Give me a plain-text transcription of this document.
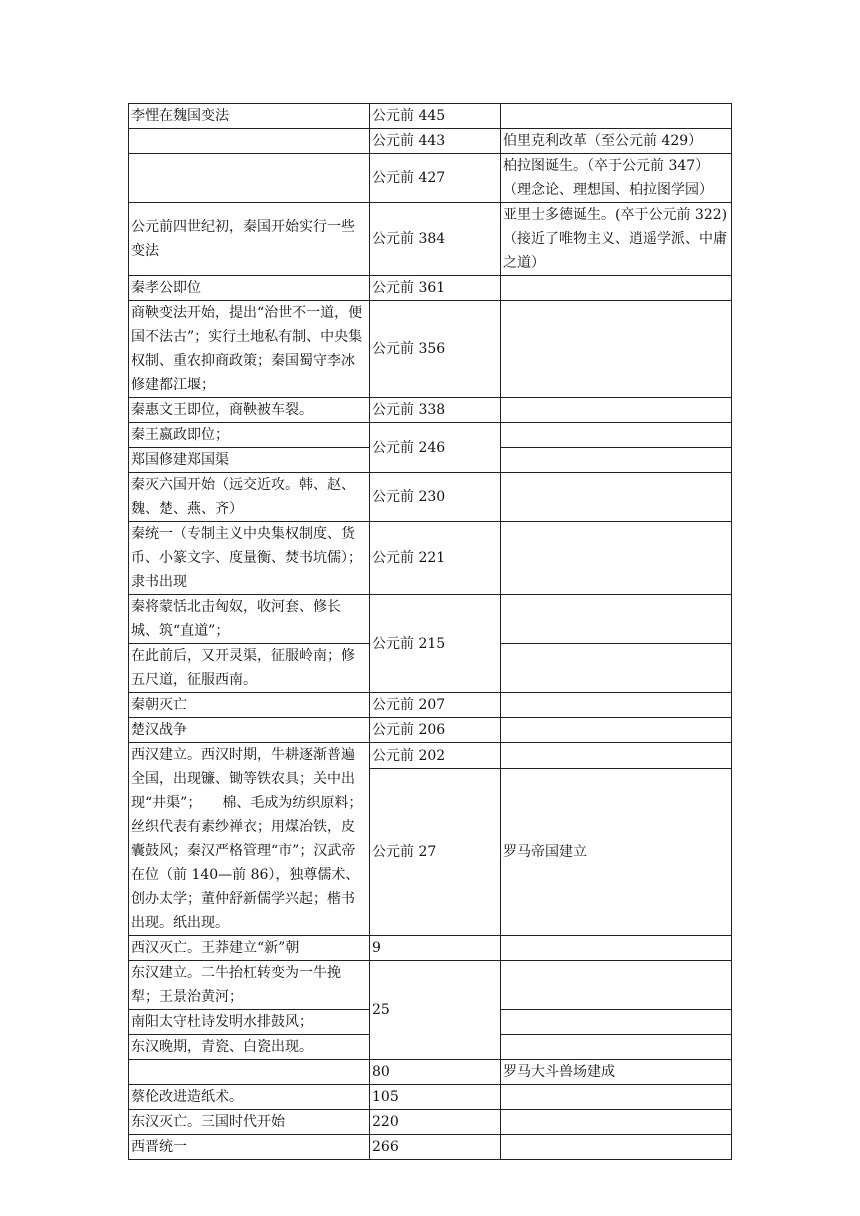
李悝在魏国变法	公元前 445	
	公元前 443	伯里克利改革（至公元前 429）
	公元前 427	柏拉图诞生。（卒于公元前 347）（理念论、理想国、柏拉图学园）
公元前四世纪初，秦国开始实行一些变法	公元前 384	亚里士多德诞生。(卒于公元前 322)（接近了唯物主义、逍遥学派、中庸之道）
秦孝公即位	公元前 361	
商鞅变法开始，提出“治世不一道，便国不法古”；实行土地私有制、中央集权制、重农抑商政策；秦国蜀守李冰修建都江堰；	公元前 356	
秦惠文王即位，商鞅被车裂。	公元前 338	
秦王嬴政即位；	公元前 246	
郑国修建郑国渠		
秦灭六国开始（远交近攻。韩、赵、魏、楚、燕、齐）	公元前 230	
秦统一（专制主义中央集权制度、货币、小篆文字、度量衡、焚书坑儒）；隶书出现	公元前 221	
秦将蒙恬北击匈奴，收河套、修长城、筑“直道”；	公元前 215	
在此前后，又开灵渠，征服岭南；修五尺道，征服西南。		
秦朝灭亡	公元前 207	
楚汉战争	公元前 206	
西汉建立。西汉时期，牛耕逐渐普遍全国，出现镰、锄等铁农具；关中出现“井渠”；　　棉、毛成为纺织原料；丝织代表有素纱禅衣；用煤冶铁，皮囊鼓风；秦汉严格管理“市”；汉武帝在位（前 140—前 86），独尊儒术、创办太学；董仲舒新儒学兴起；楷书出现。纸出现。	公元前 202	
	公元前 27	罗马帝国建立
西汉灭亡。王莽建立“新”朝	9	
东汉建立。二牛抬杠转变为一牛挽犁；王景治黄河；	25	
南阳太守杜诗发明水排鼓风；		
东汉晚期，青瓷、白瓷出现。		
	80	罗马大斗兽场建成
蔡伦改进造纸术。	105	
东汉灭亡。三国时代开始	220	
西晋统一	266	
